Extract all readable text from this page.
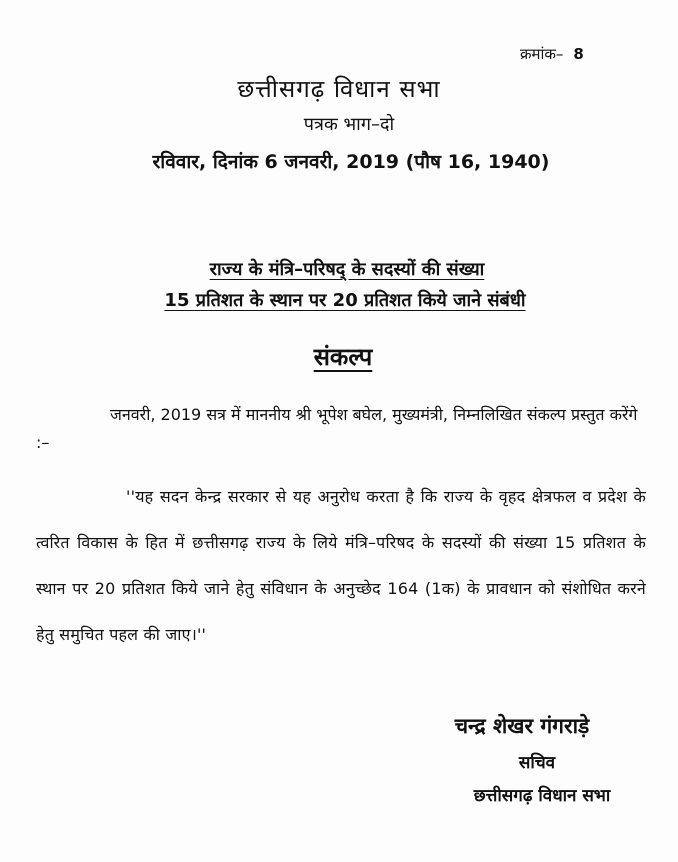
क्रमांक– 8
छत्तीसगढ़ विधान सभा
पत्रक भाग–दो
रविवार, दिनांक 6 जनवरी, 2019 (पौष 16, 1940)
राज्य के मंत्रि–परिषद् के सदस्यों की संख्या
15 प्रतिशत के स्थान पर 20 प्रतिशत किये जाने संबंधी
संकल्प
जनवरी, 2019 सत्र में माननीय श्री भूपेश बघेल, मुख्यमंत्री, निम्नलिखित संकल्प प्रस्तुत करेंगे :–
''यह सदन केन्द्र सरकार से यह अनुरोध करता है कि राज्य के वृहद क्षेत्रफल व प्रदेश के त्वरित विकास के हित में छत्तीसगढ़ राज्य के लिये मंत्रि–परिषद के सदस्यों की संख्या 15 प्रतिशत के स्थान पर 20 प्रतिशत किये जाने हेतु संविधान के अनुच्छेद 164 (1क) के प्रावधान को संशोधित करने हेतु समुचित पहल की जाए।''
चन्द्र शेखर गंगराड़े
सचिव
छत्तीसगढ़ विधान सभा
